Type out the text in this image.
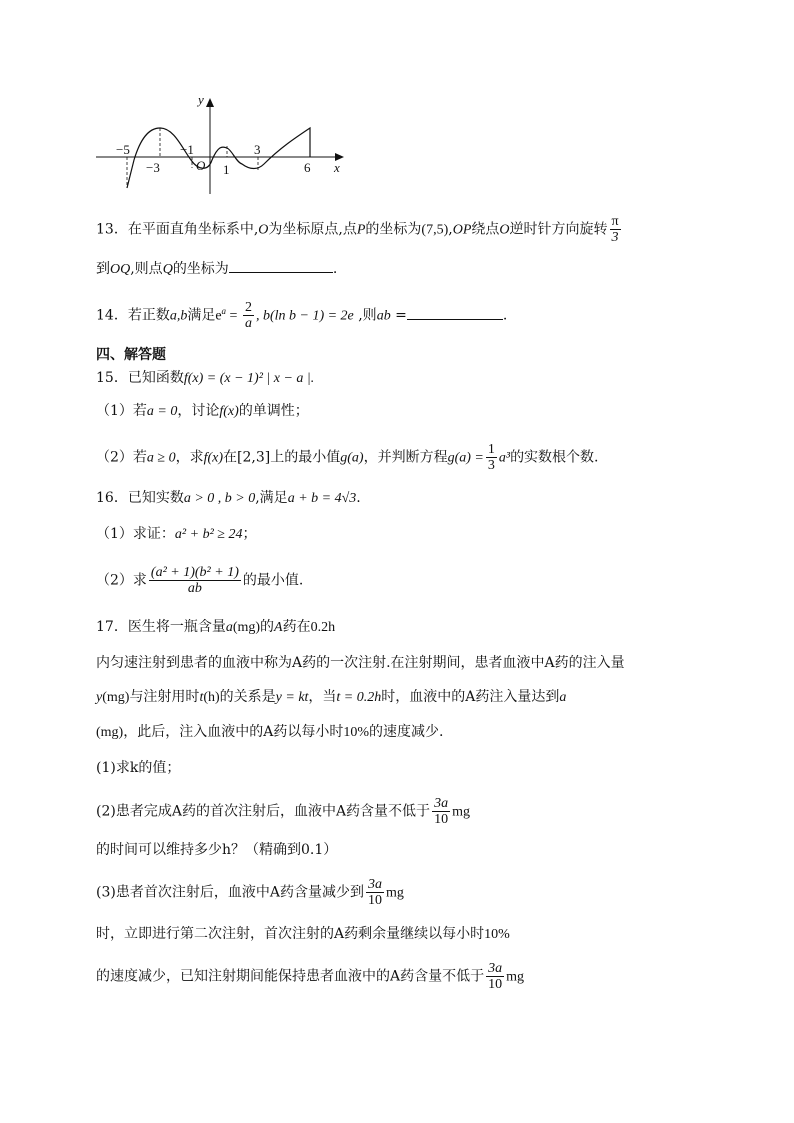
y
x
O
−5
−3
−1
1
3
6
13．在平面直角坐标系中,O为坐标原点,点P的坐标为(7,5),OP绕点O逆时针方向旋转 $\frac{\pi}{3}$
到OQ,则点Q的坐标为	.
14．若正数a,b满足$e^a = \frac{2}{a}$ , b(ln b − 1) = 2e ,则ab =	.
四、解答题
15．已知函数f(x) = (x − 1)² | x − a |.
（1）若a = 0，讨论f(x)的单调性；
（2）若a ≥ 0，求f(x)在[2,3]上的最小值g(a)，并判断方程$g(a) = \frac{1}{3} a^3$的实数根个数.
16．已知实数a > 0 , b > 0,满足a + b = 4√3.
（1）求证：a² + b² ≥ 24；
（2）求 $\frac{\text{(a² + 1)(b² + 1)}}{ab}$ 的最小值.
17．医生将一瓶含量a(mg)的A药在0.2h
内匀速注射到患者的血液中称为A药的一次注射.在注射期间，患者血液中A药的注入量
y(mg)与注射用时t(h)的关系是y = kt，当t = 0.2h时，血液中的A药注入量达到a
(mg)，此后，注入血液中的A药以每小时10%的速度减少.
(1)求k的值；
(2)患者完成A药的首次注射后，血液中A药含量不低于 $\frac{3a}{10}$ mg
的时间可以维持多少h？（精确到0.1）
(3)患者首次注射后，血液中A药含量减少到 $\frac{3a}{10}$ mg
时，立即进行第二次注射，首次注射的A药剩余量继续以每小时10%
的速度减少，已知注射期间能保持患者血液中的A药含量不低于 $\frac{3a}{10}$ mg
